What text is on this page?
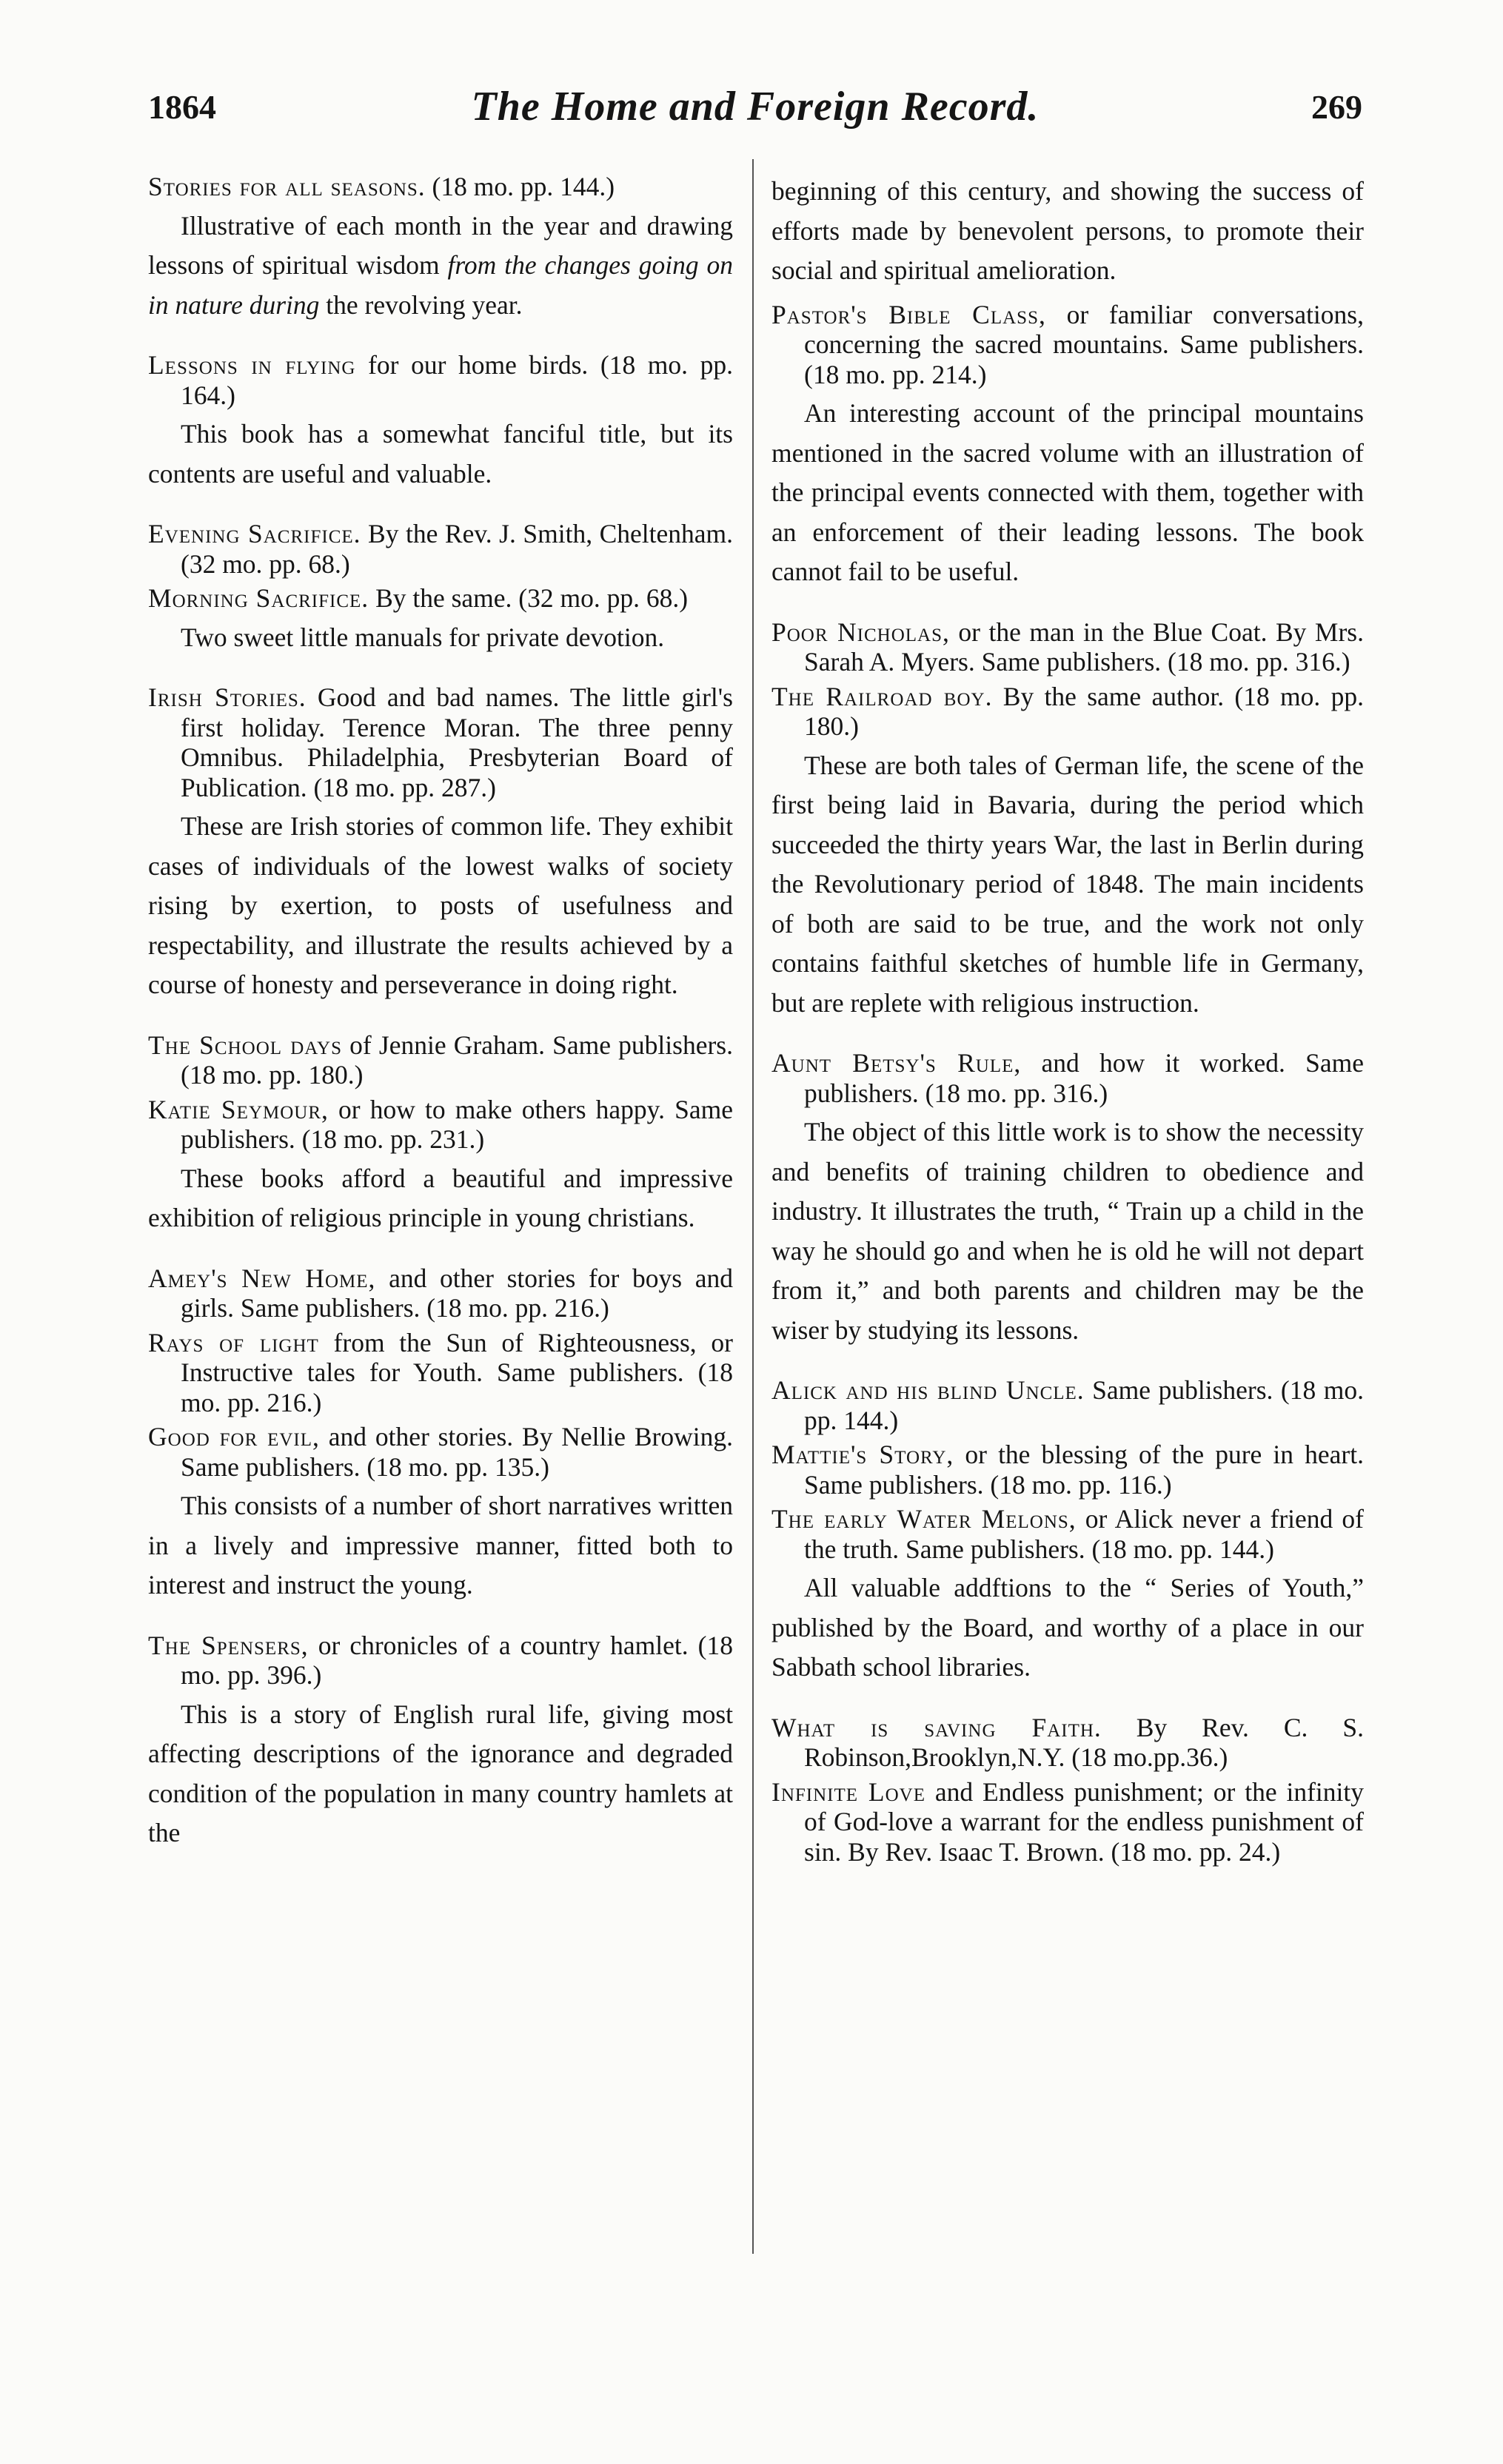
1864	The Home and Foreign Record.	269

Stories for all seasons. (18 mo. pp. 144.)

Illustrative of each month in the year and drawing lessons of spiritual wisdom from the changes going on in nature during the revolving year.

Lessons in flying for our home birds. (18 mo. pp. 164.)

This book has a somewhat fanciful title, but its contents are useful and valuable.

Evening Sacrifice. By the Rev. J. Smith, Cheltenham. (32 mo. pp. 68.)

Morning Sacrifice. By the same. (32 mo. pp. 68.)

Two sweet little manuals for private devotion.

Irish Stories. Good and bad names. The little girl's first holiday. Terence Moran. The three penny Omnibus. Philadelphia, Presbyterian Board of Publication. (18 mo. pp. 287.)

These are Irish stories of common life. They exhibit cases of individuals of the lowest walks of society rising by exertion, to posts of usefulness and respectability, and illustrate the results achieved by a course of honesty and perseverance in doing right.

The School days of Jennie Graham. Same publishers. (18 mo. pp. 180.)

Katie Seymour, or how to make others happy. Same publishers. (18 mo. pp. 231.)

These books afford a beautiful and impressive exhibition of religious principle in young christians.

Amey's New Home, and other stories for boys and girls. Same publishers. (18 mo. pp. 216.)

Rays of light from the Sun of Righteousness, or Instructive tales for Youth. Same publishers. (18 mo. pp. 216.)

Good for evil, and other stories. By Nellie Browing. Same publishers. (18 mo. pp. 135.)

This consists of a number of short narratives written in a lively and impressive manner, fitted both to interest and instruct the young.

The Spensers, or chronicles of a country hamlet. (18 mo. pp. 396.)

This is a story of English rural life, giving most affecting descriptions of the ignorance and degraded condition of the population in many country hamlets at the

beginning of this century, and showing the success of efforts made by benevolent persons, to promote their social and spiritual amelioration.

Pastor's Bible Class, or familiar conversations, concerning the sacred mountains. Same publishers. (18 mo. pp. 214.)

An interesting account of the principal mountains mentioned in the sacred volume with an illustration of the principal events connected with them, together with an enforcement of their leading lessons. The book cannot fail to be useful.

Poor Nicholas, or the man in the Blue Coat. By Mrs. Sarah A. Myers. Same publishers. (18 mo. pp. 316.)

The Railroad boy. By the same author. (18 mo. pp. 180.)

These are both tales of German life, the scene of the first being laid in Bavaria, during the period which succeeded the thirty years War, the last in Berlin during the Revolutionary period of 1848. The main incidents of both are said to be true, and the work not only contains faithful sketches of humble life in Germany, but are replete with religious instruction.

Aunt Betsy's Rule, and how it worked. Same publishers. (18 mo. pp. 316.)

The object of this little work is to show the necessity and benefits of training children to obedience and industry. It illustrates the truth, “ Train up a child in the way he should go and when he is old he will not depart from it,” and both parents and children may be the wiser by studying its lessons.

Alick and his blind Uncle. Same publishers. (18 mo. pp. 144.)

Mattie's Story, or the blessing of the pure in heart. Same publishers. (18 mo. pp. 116.)

The early Water Melons, or Alick never a friend of the truth. Same publishers. (18 mo. pp. 144.)

All valuable addftions to the “ Series of Youth,” published by the Board, and worthy of a place in our Sabbath school libraries.

What is saving Faith. By Rev. C. S. Robinson,Brooklyn,N.Y. (18 mo.pp.36.)

Infinite Love and Endless punishment; or the infinity of God-love a warrant for the endless punishment of sin. By Rev. Isaac T. Brown. (18 mo. pp. 24.)
